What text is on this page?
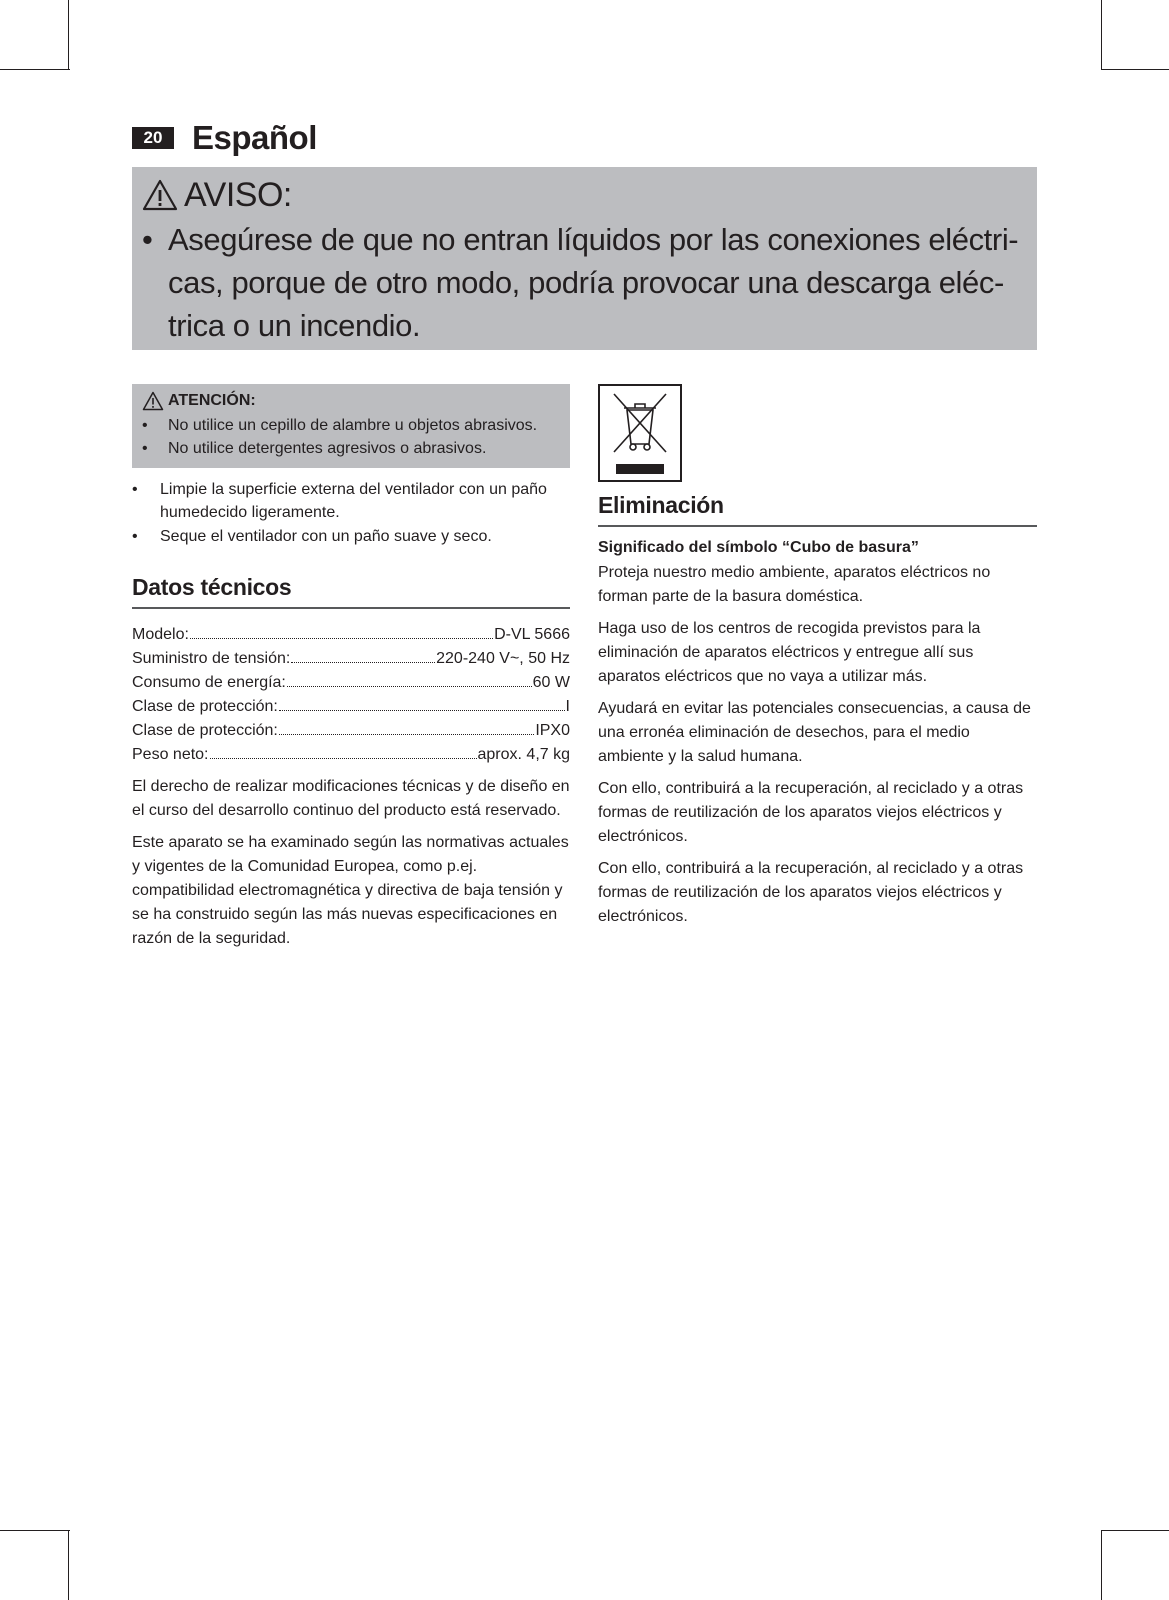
20 Español
AVISO:
• Asegúrese de que no entran líquidos por las conexiones eléctri-
cas, porque de otro modo, podría provocar una descarga eléc-
trica o un incendio.
ATENCIÓN:
• No utilice un cepillo de alambre u objetos abrasivos.
• No utilice detergentes agresivos o abrasivos.
• Limpie la superficie externa del ventilador con un paño humedecido ligeramente.
• Seque el ventilador con un paño suave y seco.
Datos técnicos
Modelo:	D-VL 5666
Suministro de tensión:	220-240 V~, 50 Hz
Consumo de energía:	60 W
Clase de protección:	I
Clase de protección:	IPX0
Peso neto:	aprox. 4,7 kg

El derecho de realizar modificaciones técnicas y de diseño en el curso del desarrollo continuo del producto está reservado.

Este aparato se ha examinado según las normativas actuales y vigentes de la Comunidad Europea, como p.ej. compatibilidad electromagnética y directiva de baja tensión y se ha construido según las más nuevas especificaciones en razón de la seguridad.

Eliminación
Significado del símbolo “Cubo de basura”

Proteja nuestro medio ambiente, aparatos eléctricos no forman parte de la basura doméstica.

Haga uso de los centros de recogida previstos para la eliminación de aparatos eléctricos y entregue allí sus aparatos eléctricos que no vaya a utilizar más.

Ayudará en evitar las potenciales consecuencias, a causa de una erronéa eliminación de desechos, para el medio ambiente y la salud humana.

Con ello, contribuirá a la recuperación, al reciclado y a otras formas de reutilización de los aparatos viejos eléctricos y electrónicos.

Con ello, contribuirá a la recuperación, al reciclado y a otras formas de reutilización de los aparatos viejos eléctricos y electrónicos.
